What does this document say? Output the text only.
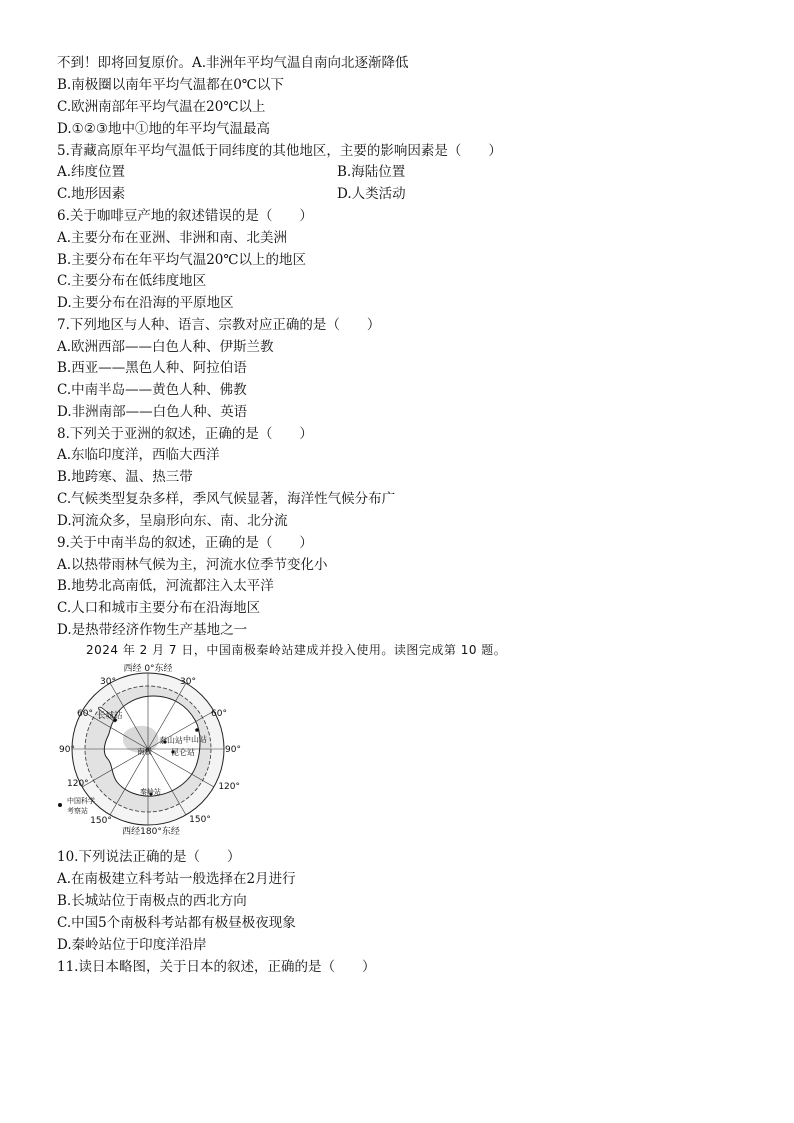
不到！即将回复原价。A.非洲年平均气温自南向北逐渐降低
B.南极圈以南年平均气温都在0℃以下
C.欧洲南部年平均气温在20℃以上
D.①②③地中①地的年平均气温最高
5.青藏高原年平均气温低于同纬度的其他地区，主要的影响因素是（　　）
A.纬度位置	B.海陆位置
C.地形因素	D.人类活动
6.关于咖啡豆产地的叙述错误的是（　　）
A.主要分布在亚洲、非洲和南、北美洲
B.主要分布在年平均气温20℃以上的地区
C.主要分布在低纬度地区
D.主要分布在沿海的平原地区
7.下列地区与人种、语言、宗教对应正确的是（　　）
A.欧洲西部——白色人种、伊斯兰教
B.西亚——黑色人种、阿拉伯语
C.中南半岛——黄色人种、佛教
D.非洲南部——白色人种、英语
8.下列关于亚洲的叙述，正确的是（　　）
A.东临印度洋，西临大西洋
B.地跨寒、温、热三带
C.气候类型复杂多样，季风气候显著，海洋性气候分布广
D.河流众多，呈扇形向东、南、北分流
9.关于中南半岛的叙述，正确的是（　　）
A.以热带雨林气候为主，河流水位季节变化小
B.地势北高南低，河流都注入太平洋
C.人口和城市主要分布在沿海地区
D.是热带经济作物生产基地之一
2024 年 2 月 7 日，中国南极秦岭站建成并投入使用。读图完成第 10 题。
西经 0°东经
30°	30°
60°	60°
90°	90°
120°
120°
150°	150°
西经180°东经
长城站
中山站
泰山站
昆仑站
南极
秦岭站
中国科学
考察站
10.下列说法正确的是（　　）
A.在南极建立科考站一般选择在2月进行
B.长城站位于南极点的西北方向
C.中国5个南极科考站都有极昼极夜现象
D.秦岭站位于印度洋沿岸
11.读日本略图，关于日本的叙述，正确的是（　　）
